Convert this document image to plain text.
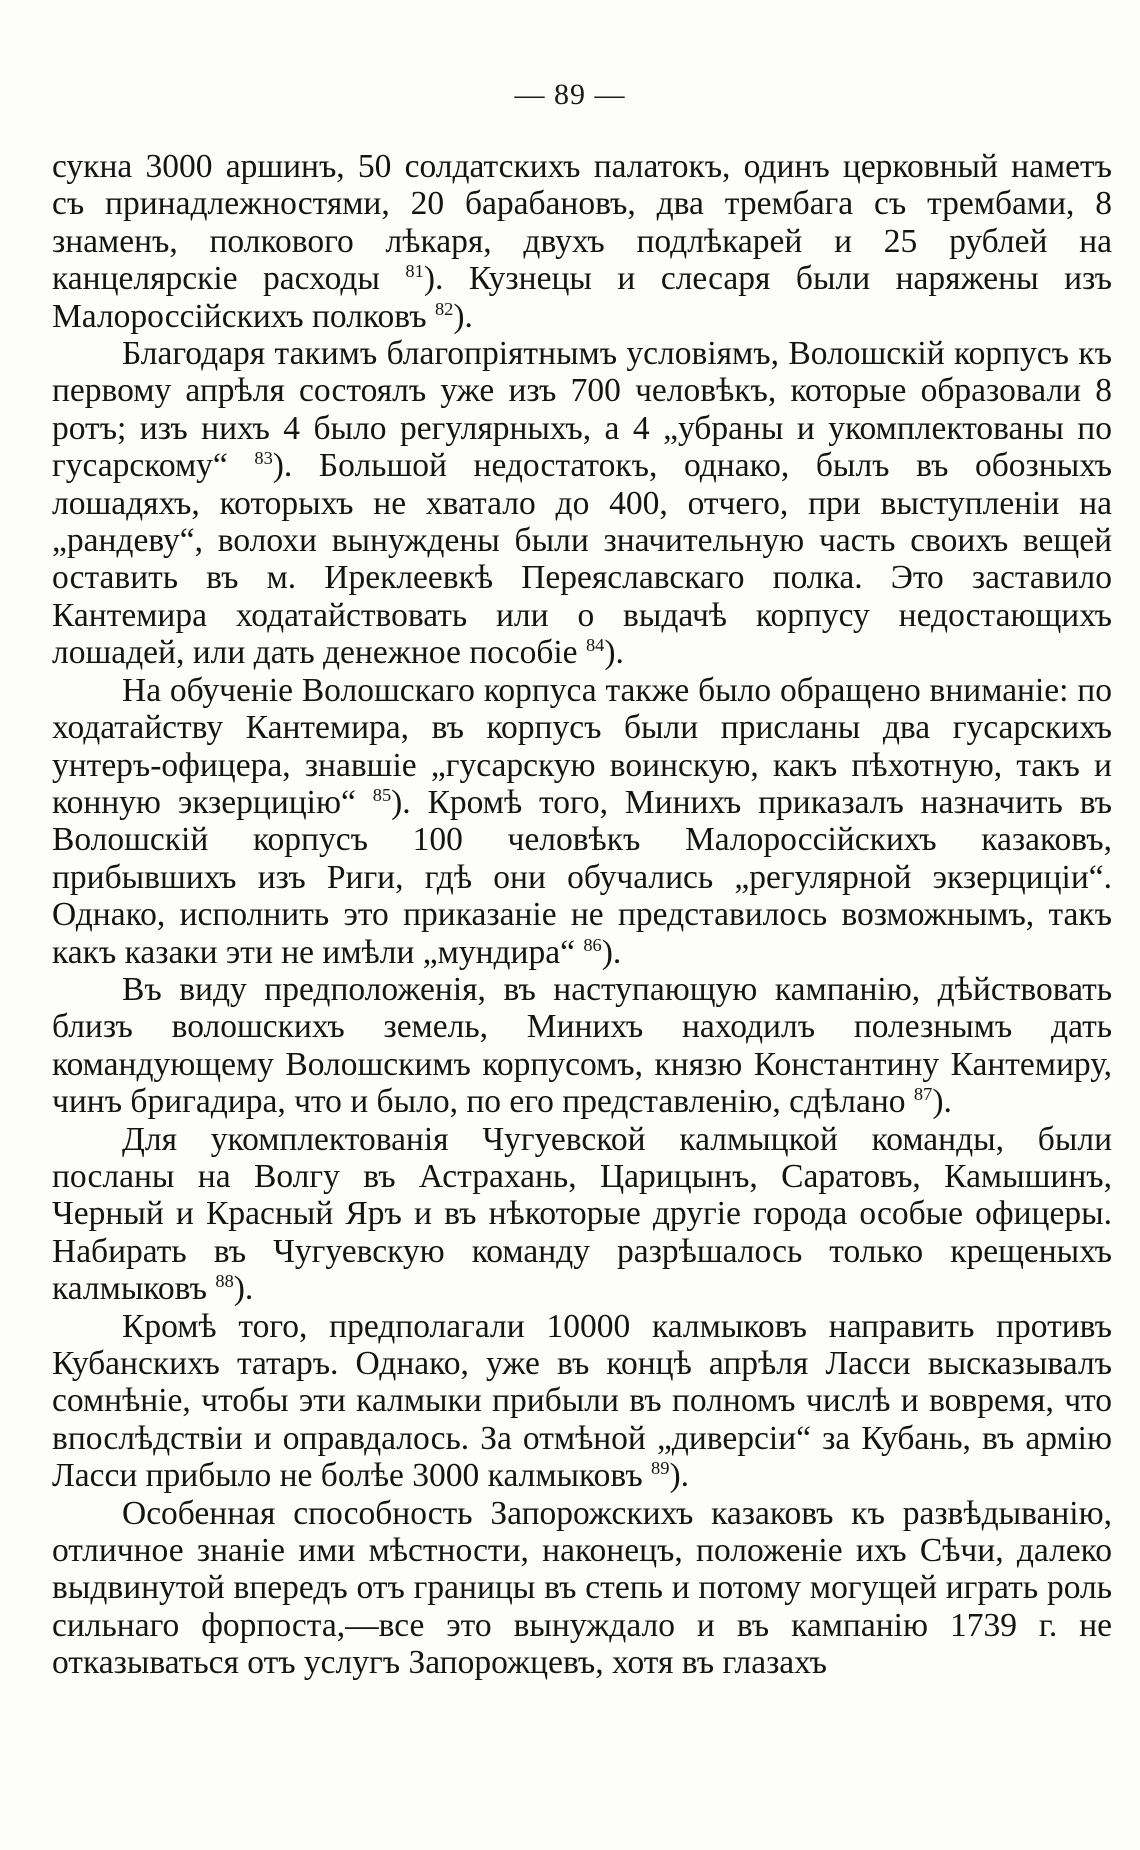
— 89 —

сукна 3000 аршинъ, 50 солдатскихъ палатокъ, одинъ церковный наметъ съ принадлежностями, 20 барабановъ, два трембага съ трембами, 8 знаменъ, полкового лѣкаря, двухъ подлѣкарей и 25 рублей на канцелярскіе расходы $^{81}$). Кузнецы и слесаря были наряжены изъ Малороссійскихъ полковъ $^{82}$).

Благодаря такимъ благопріятнымъ условіямъ, Волошскій корпусъ къ первому апрѣля состоялъ уже изъ 700 человѣкъ, которые образовали 8 ротъ; изъ нихъ 4 было регулярныхъ, а 4 „убраны и укомплектованы по гусарскому“ $^{83}$). Большой недостатокъ, однако, былъ въ обозныхъ лошадяхъ, которыхъ не хватало до 400, отчего, при выступленіи на „рандеву“, волохи вынуждены были значительную часть своихъ вещей оставить въ м. Иреклеевкѣ Переяславскаго полка. Это заставило Кантемира ходатайствовать или о выдачѣ корпусу недостающихъ лошадей, или дать денежное пособіе $^{84}$).

На обученіе Волошскаго корпуса также было обращено вниманіе: по ходатайству Кантемира, въ корпусъ были присланы два гусарскихъ унтеръ-офицера, знавшіе „гусарскую воинскую, какъ пѣхотную, такъ и конную экзерцицію“ $^{85}$). Кромѣ того, Минихъ приказалъ назначить въ Волошскій корпусъ 100 человѣкъ Малороссійскихъ казаковъ, прибывшихъ изъ Риги, гдѣ они обучались „регулярной экзерциціи“. Однако, исполнить это приказаніе не представилось возможнымъ, такъ какъ казаки эти не имѣли „мундира“ $^{86}$).

Въ виду предположенія, въ наступающую кампанію, дѣйствовать близъ волошскихъ земель, Минихъ находилъ полезнымъ дать командующему Волошскимъ корпусомъ, князю Константину Кантемиру, чинъ бригадира, что и было, по его представленію, сдѣлано $^{87}$).

Для укомплектованія Чугуевской калмыцкой команды, были посланы на Волгу въ Астрахань, Царицынъ, Саратовъ, Камышинъ, Черный и Красный Яръ и въ нѣкоторые другіе города особые офицеры. Набирать въ Чугуевскую команду разрѣшалось только крещеныхъ калмыковъ $^{88}$).

Кромѣ того, предполагали 10000 калмыковъ направить противъ Кубанскихъ татаръ. Однако, уже въ концѣ апрѣля Ласси высказывалъ сомнѣніе, чтобы эти калмыки прибыли въ полномъ числѣ и вовремя, что впослѣдствіи и оправдалось. За отмѣной „диверсіи“ за Кубань, въ армію Ласси прибыло не болѣе 3000 калмыковъ $^{89}$).

Особенная способность Запорожскихъ казаковъ къ развѣдыванію, отличное знаніе ими мѣстности, наконецъ, положеніе ихъ Сѣчи, далеко выдвинутой впередъ отъ границы въ степь и потому могущей играть роль сильнаго форпоста,—все это вынуждало и въ кампанію 1739 г. не отказываться отъ услугъ Запорожцевъ, хотя въ глазахъ
